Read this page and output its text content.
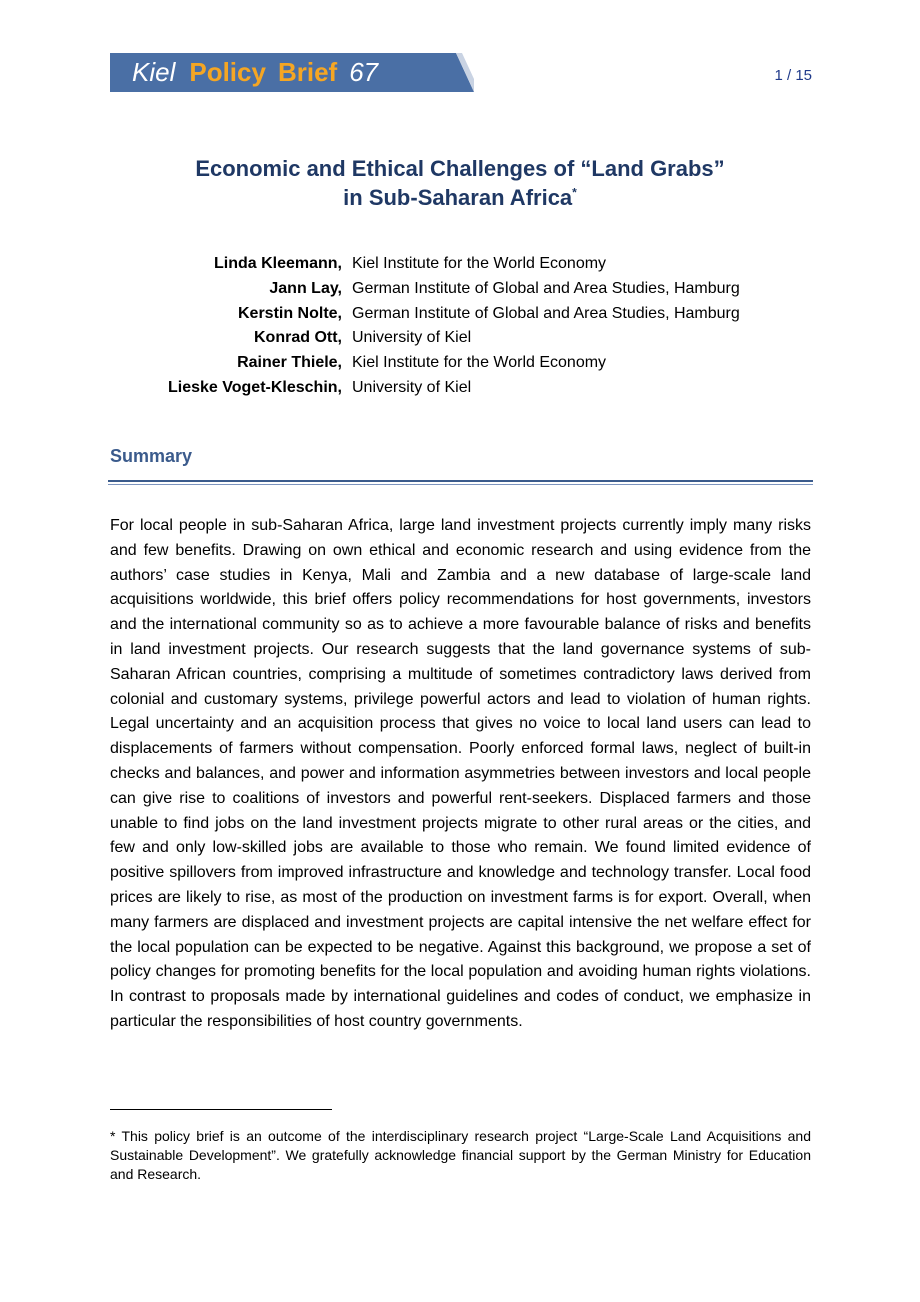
Kiel Policy Brief 67	1 / 15
Economic and Ethical Challenges of “Land Grabs”
in Sub-Saharan Africa*
Linda Kleemann, Kiel Institute for the World Economy
Jann Lay, German Institute of Global and Area Studies, Hamburg
Kerstin Nolte, German Institute of Global and Area Studies, Hamburg
Konrad Ott, University of Kiel
Rainer Thiele, Kiel Institute for the World Economy
Lieske Voget-Kleschin, University of Kiel
Summary

For local people in sub-Saharan Africa, large land investment projects currently imply many risks and few benefits. Drawing on own ethical and economic research and using evidence from the authors’ case studies in Kenya, Mali and Zambia and a new database of large-scale land acquisitions worldwide, this brief offers policy recommendations for host governments, investors and the international community so as to achieve a more favourable balance of risks and benefits in land investment projects. Our research suggests that the land governance systems of sub-Saharan African countries, comprising a multitude of sometimes contradictory laws derived from colonial and customary systems, privilege powerful actors and lead to violation of human rights. Legal uncertainty and an acquisition process that gives no voice to local land users can lead to displacements of farmers without compensation. Poorly enforced formal laws, neglect of built-in checks and balances, and power and information asymmetries between investors and local people can give rise to coalitions of investors and powerful rent-seekers. Displaced farmers and those unable to find jobs on the land investment projects migrate to other rural areas or the cities, and few and only low-skilled jobs are available to those who remain. We found limited evidence of positive spillovers from improved infrastructure and knowledge and technology transfer. Local food prices are likely to rise, as most of the production on investment farms is for export. Overall, when many farmers are displaced and investment projects are capital intensive the net welfare effect for the local population can be expected to be negative. Against this background, we propose a set of policy changes for promoting benefits for the local population and avoiding human rights violations. In contrast to proposals made by international guidelines and codes of conduct, we emphasize in particular the responsibilities of host country governments.

* This policy brief is an outcome of the interdisciplinary research project “Large-Scale Land Acquisitions and Sustainable Development”. We gratefully acknowledge financial support by the German Ministry for Education and Research.
